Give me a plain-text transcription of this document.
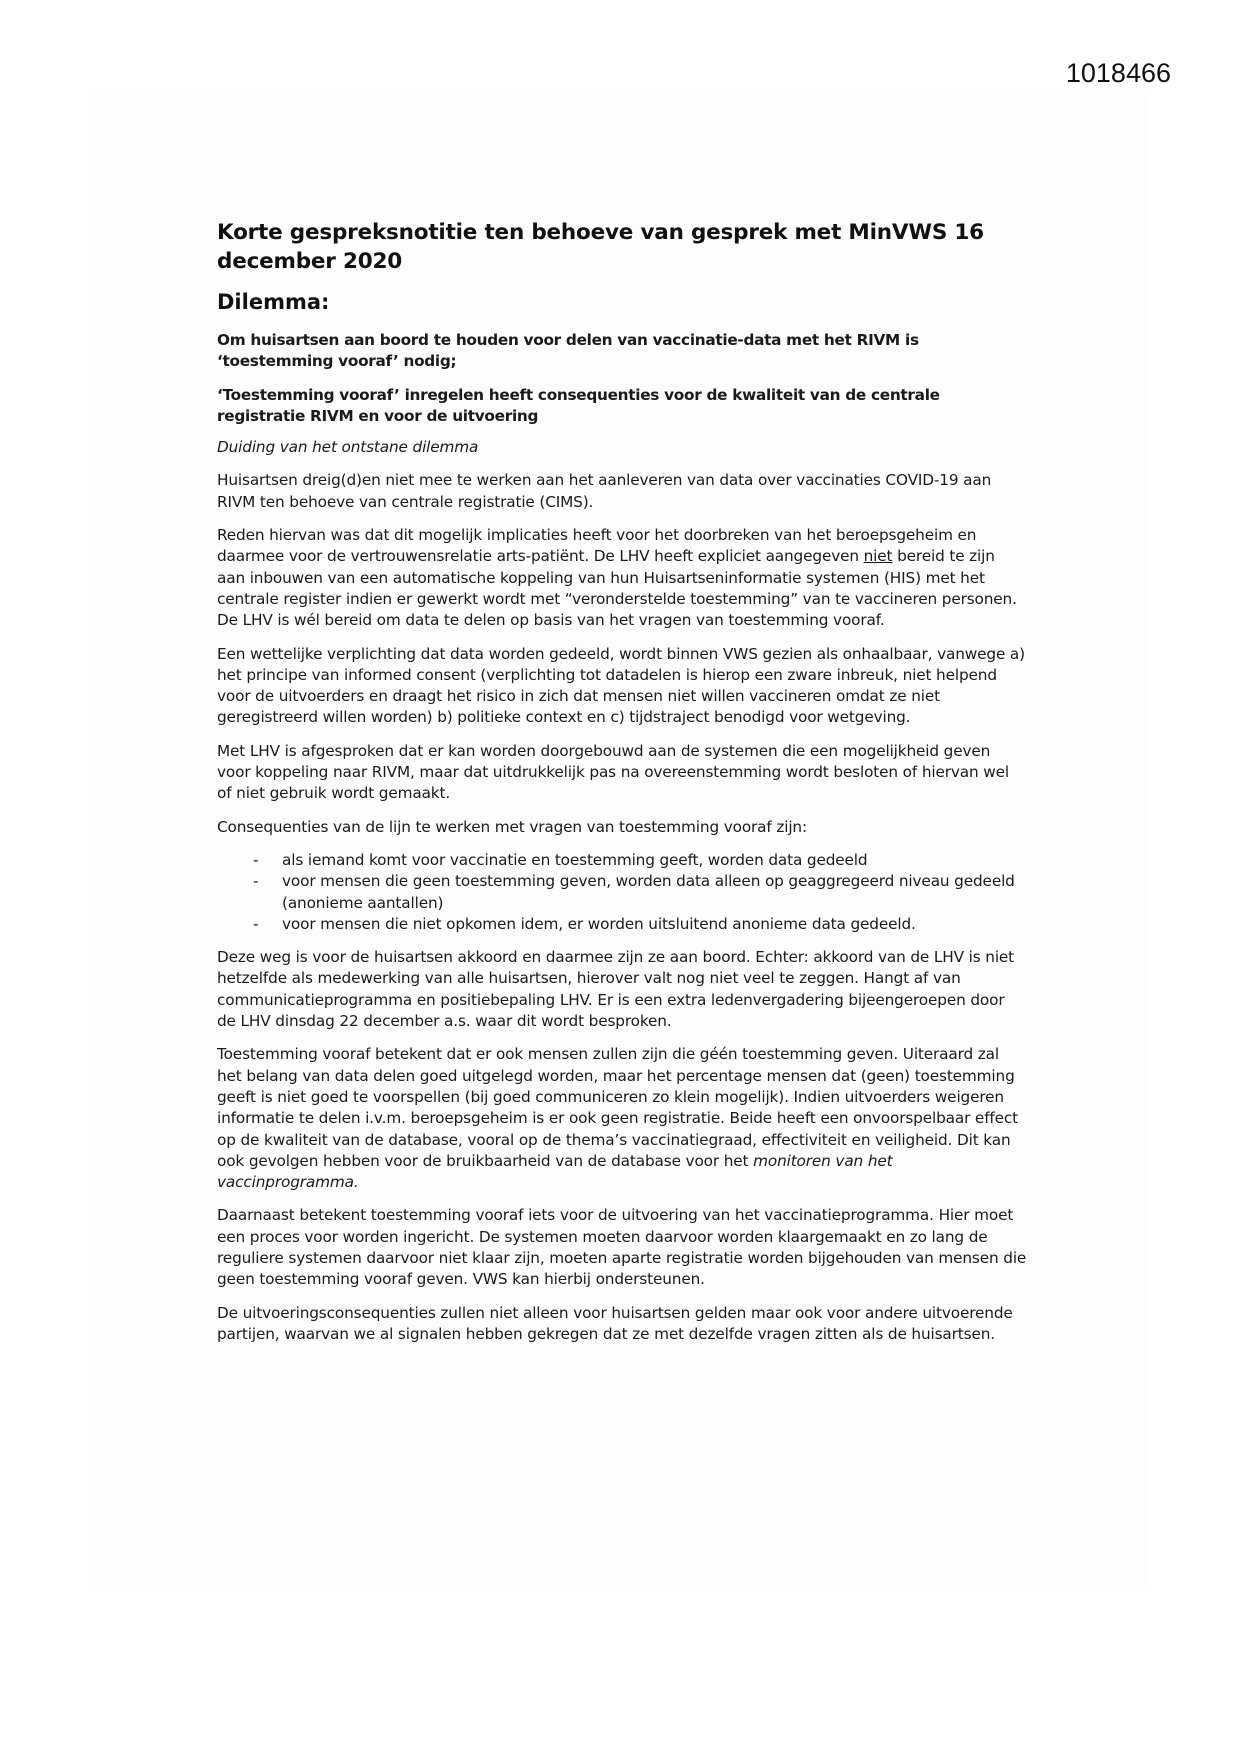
1018466
Korte gespreksnotitie ten behoeve van gesprek met MinVWS 16 december 2020
Dilemma:

Om huisartsen aan boord te houden voor delen van vaccinatie-data met het RIVM is ‘toestemming vooraf’ nodig;

‘Toestemming vooraf’ inregelen heeft consequenties voor de kwaliteit van de centrale registratie RIVM en voor de uitvoering

Duiding van het ontstane dilemma

Huisartsen dreig(d)en niet mee te werken aan het aanleveren van data over vaccinaties COVID-19 aan RIVM ten behoeve van centrale registratie (CIMS).

Reden hiervan was dat dit mogelijk implicaties heeft voor het doorbreken van het beroepsgeheim en daarmee voor de vertrouwensrelatie arts-patiënt. De LHV heeft expliciet aangegeven niet bereid te zijn aan inbouwen van een automatische koppeling van hun Huisartseninformatie systemen (HIS) met het centrale register indien er gewerkt wordt met “veronderstelde toestemming” van te vaccineren personen. De LHV is wél bereid om data te delen op basis van het vragen van toestemming vooraf.

Een wettelijke verplichting dat data worden gedeeld, wordt binnen VWS gezien als onhaalbaar, vanwege a) het principe van informed consent (verplichting tot datadelen is hierop een zware inbreuk, niet helpend voor de uitvoerders en draagt het risico in zich dat mensen niet willen vaccineren omdat ze niet geregistreerd willen worden) b) politieke context en c) tijdstraject benodigd voor wetgeving.

Met LHV is afgesproken dat er kan worden doorgebouwd aan de systemen die een mogelijkheid geven voor koppeling naar RIVM, maar dat uitdrukkelijk pas na overeenstemming wordt besloten of hiervan wel of niet gebruik wordt gemaakt.

Consequenties van de lijn te werken met vragen van toestemming vooraf zijn:

- als iemand komt voor vaccinatie en toestemming geeft, worden data gedeeld
- voor mensen die geen toestemming geven, worden data alleen op geaggregeerd niveau gedeeld (anonieme aantallen)
- voor mensen die niet opkomen idem, er worden uitsluitend anonieme data gedeeld.

Deze weg is voor de huisartsen akkoord en daarmee zijn ze aan boord. Echter: akkoord van de LHV is niet hetzelfde als medewerking van alle huisartsen, hierover valt nog niet veel te zeggen. Hangt af van communicatieprogramma en positiebepaling LHV. Er is een extra ledenvergadering bijeengeroepen door de LHV dinsdag 22 december a.s. waar dit wordt besproken.

Toestemming vooraf betekent dat er ook mensen zullen zijn die géén toestemming geven. Uiteraard zal het belang van data delen goed uitgelegd worden, maar het percentage mensen dat (geen) toestemming geeft is niet goed te voorspellen (bij goed communiceren zo klein mogelijk). Indien uitvoerders weigeren informatie te delen i.v.m. beroepsgeheim is er ook geen registratie. Beide heeft een onvoorspelbaar effect op de kwaliteit van de database, vooral op de thema’s vaccinatiegraad, effectiviteit en veiligheid. Dit kan ook gevolgen hebben voor de bruikbaarheid van de database voor het monitoren van het vaccinprogramma.

Daarnaast betekent toestemming vooraf iets voor de uitvoering van het vaccinatieprogramma. Hier moet een proces voor worden ingericht. De systemen moeten daarvoor worden klaargemaakt en zo lang de reguliere systemen daarvoor niet klaar zijn, moeten aparte registratie worden bijgehouden van mensen die geen toestemming vooraf geven. VWS kan hierbij ondersteunen.

De uitvoeringsconsequenties zullen niet alleen voor huisartsen gelden maar ook voor andere uitvoerende partijen, waarvan we al signalen hebben gekregen dat ze met dezelfde vragen zitten als de huisartsen.
